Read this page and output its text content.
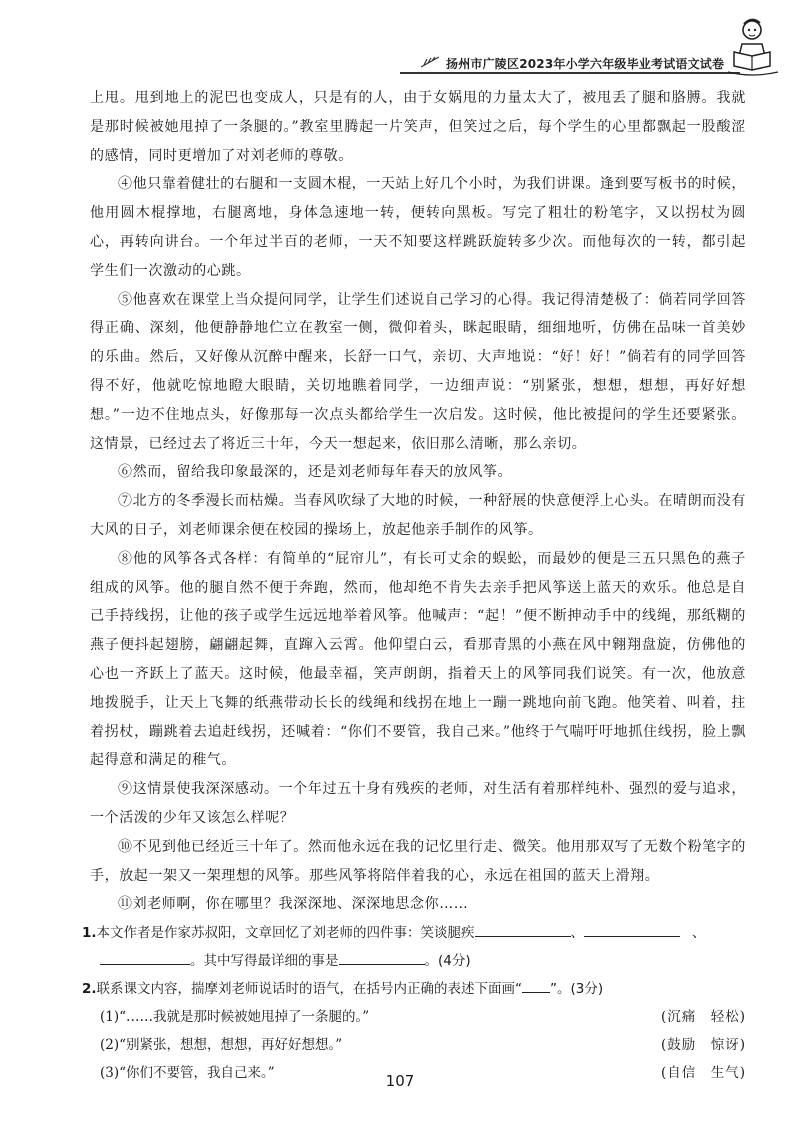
扬州市广陵区2023年小学六年级毕业考试语文试卷

上甩。甩到地上的泥巴也变成人，只是有的人，由于女娲甩的力量太大了，被甩丢了腿和胳膊。我就是那时候被她甩掉了一条腿的。”教室里腾起一片笑声，但笑过之后，每个学生的心里都飘起一股酸涩的感情，同时更增加了对刘老师的尊敬。

④他只靠着健壮的右腿和一支圆木棍，一天站上好几个小时，为我们讲课。逢到要写板书的时候，他用圆木棍撑地，右腿离地，身体急速地一转，便转向黑板。写完了粗壮的粉笔字，又以拐杖为圆心，再转向讲台。一个年过半百的老师，一天不知要这样跳跃旋转多少次。而他每次的一转，都引起学生们一次激动的心跳。

⑤他喜欢在课堂上当众提问同学，让学生们述说自己学习的心得。我记得清楚极了：倘若同学回答得正确、深刻，他便静静地伫立在教室一侧，微仰着头，眯起眼睛，细细地听，仿佛在品味一首美妙的乐曲。然后，又好像从沉醉中醒来，长舒一口气，亲切、大声地说：“好！好！”倘若有的同学回答得不好，他就吃惊地瞪大眼睛，关切地瞧着同学，一边细声说：“别紧张，想想，想想，再好好想想。”一边不住地点头，好像那每一次点头都给学生一次启发。这时候，他比被提问的学生还要紧张。这情景，已经过去了将近三十年，今天一想起来，依旧那么清晰，那么亲切。

⑥然而，留给我印象最深的，还是刘老师每年春天的放风筝。

⑦北方的冬季漫长而枯燥。当春风吹绿了大地的时候，一种舒展的快意便浮上心头。在晴朗而没有大风的日子，刘老师课余便在校园的操场上，放起他亲手制作的风筝。

⑧他的风筝各式各样：有简单的“屁帘儿”，有长可丈余的蜈蚣，而最妙的便是三五只黑色的燕子组成的风筝。他的腿自然不便于奔跑，然而，他却绝不肯失去亲手把风筝送上蓝天的欢乐。他总是自己手持线拐，让他的孩子或学生远远地举着风筝。他喊声：“起！”便不断抻动手中的线绳，那纸糊的燕子便抖起翅膀，翩翩起舞，直蹿入云霄。他仰望白云，看那青黑的小燕在风中翱翔盘旋，仿佛他的心也一齐跃上了蓝天。这时候，他最幸福，笑声朗朗，指着天上的风筝同我们说笑。有一次，他放意地拨脱手，让天上飞舞的纸燕带动长长的线绳和线拐在地上一蹦一跳地向前飞跑。他笑着、叫着，拄着拐杖，蹦跳着去追赶线拐，还喊着：“你们不要管，我自己来。”他终于气喘吁吁地抓住线拐，脸上飘起得意和满足的稚气。

⑨这情景使我深深感动。一个年过五十身有残疾的老师，对生活有着那样纯朴、强烈的爱与追求，一个活泼的少年又该怎么样呢？

⑩不见到他已经近三十年了。然而他永远在我的记忆里行走、微笑。他用那双写了无数个粉笔字的手，放起一架又一架理想的风筝。那些风筝将陪伴着我的心，永远在祖国的蓝天上滑翔。

⑪刘老师啊，你在哪里？我深深地、深深地思念你……

1.本文作者是作家苏叔阳，文章回忆了刘老师的四件事：笑谈腿疾	、	、

。其中写得最详细的事是	。(4分)

2.联系课文内容，揣摩刘老师说话时的语气，在括号内正确的表述下面画“ ”。(3分)

(1)“……我就是那时候被她甩掉了一条腿的。”	(沉痛　轻松)
(2)“别紧张，想想，想想，再好好想想。”	(鼓励　惊讶)
(3)“你们不要管，我自己来。”	(自信　生气)
107
